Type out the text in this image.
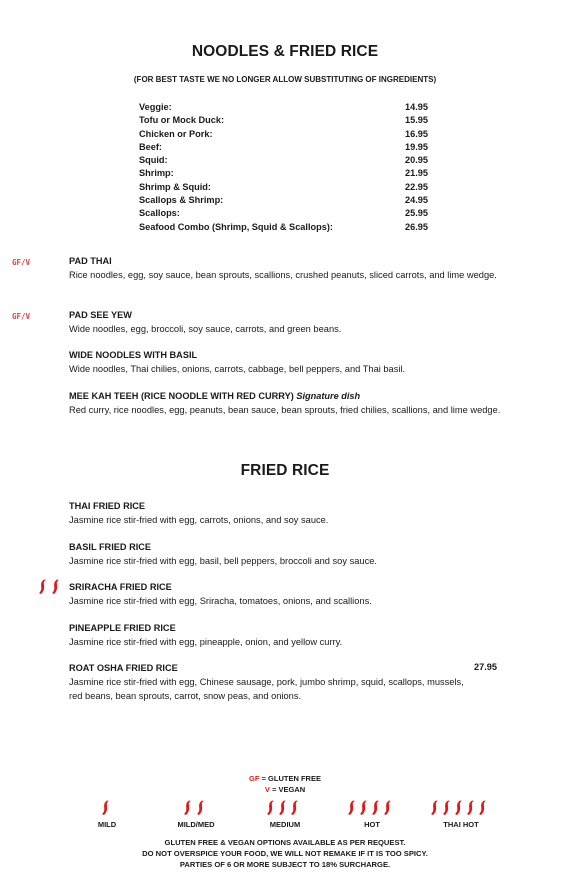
NOODLES & FRIED RICE
(FOR BEST TASTE WE NO LONGER ALLOW SUBSTITUTING OF INGREDIENTS)
Veggie:	14.95
Tofu or Mock Duck:	15.95
Chicken or Pork:	16.95
Beef:	19.95
Squid:	20.95
Shrimp:	21.95
Shrimp & Squid:	22.95
Scallops & Shrimp:	24.95
Scallops:	25.95
Seafood Combo (Shrimp, Squid & Scallops):	26.95
GF/V	PAD THAI
Rice noodles, egg, soy sauce, bean sprouts, scallions, crushed peanuts, sliced carrots, and lime wedge.
GF/V	PAD SEE YEW
Wide noodles, egg, broccoli, soy sauce, carrots, and green beans.
WIDE NOODLES WITH BASIL
Wide noodles, Thai chilies, onions, carrots, cabbage, bell peppers, and Thai basil.
MEE KAH TEEH (RICE NOODLE WITH RED CURRY) Signature dish
Red curry, rice noodles, egg, peanuts, bean sauce, bean sprouts, fried chilies, scallions, and lime wedge.
FRIED RICE
THAI FRIED RICE
Jasmine rice stir-fried with egg, carrots, onions, and soy sauce.
BASIL FRIED RICE
Jasmine rice stir-fried with egg, basil, bell peppers, broccoli and soy sauce.
SRIRACHA FRIED RICE
Jasmine rice stir-fried with egg, Sriracha, tomatoes, onions, and scallions.
PINEAPPLE FRIED RICE
Jasmine rice stir-fried with egg, pineapple, onion, and yellow curry.
ROAT OSHA FRIED RICE
Jasmine rice stir-fried with egg, Chinese sausage, pork, jumbo shrimp, squid, scallops, mussels, red beans, bean sprouts, carrot, snow peas, and onions.
27.95
GF = GLUTEN FREE
V = VEGAN
MILD	MILD/MED	MEDIUM	HOT	THAI HOT
GLUTEN FREE & VEGAN OPTIONS AVAILABLE AS PER REQUEST.
DO NOT OVERSPICE YOUR FOOD, WE WILL NOT REMAKE IF IT IS TOO SPICY.
PARTIES OF 6 OR MORE SUBJECT TO 18% SURCHARGE.
